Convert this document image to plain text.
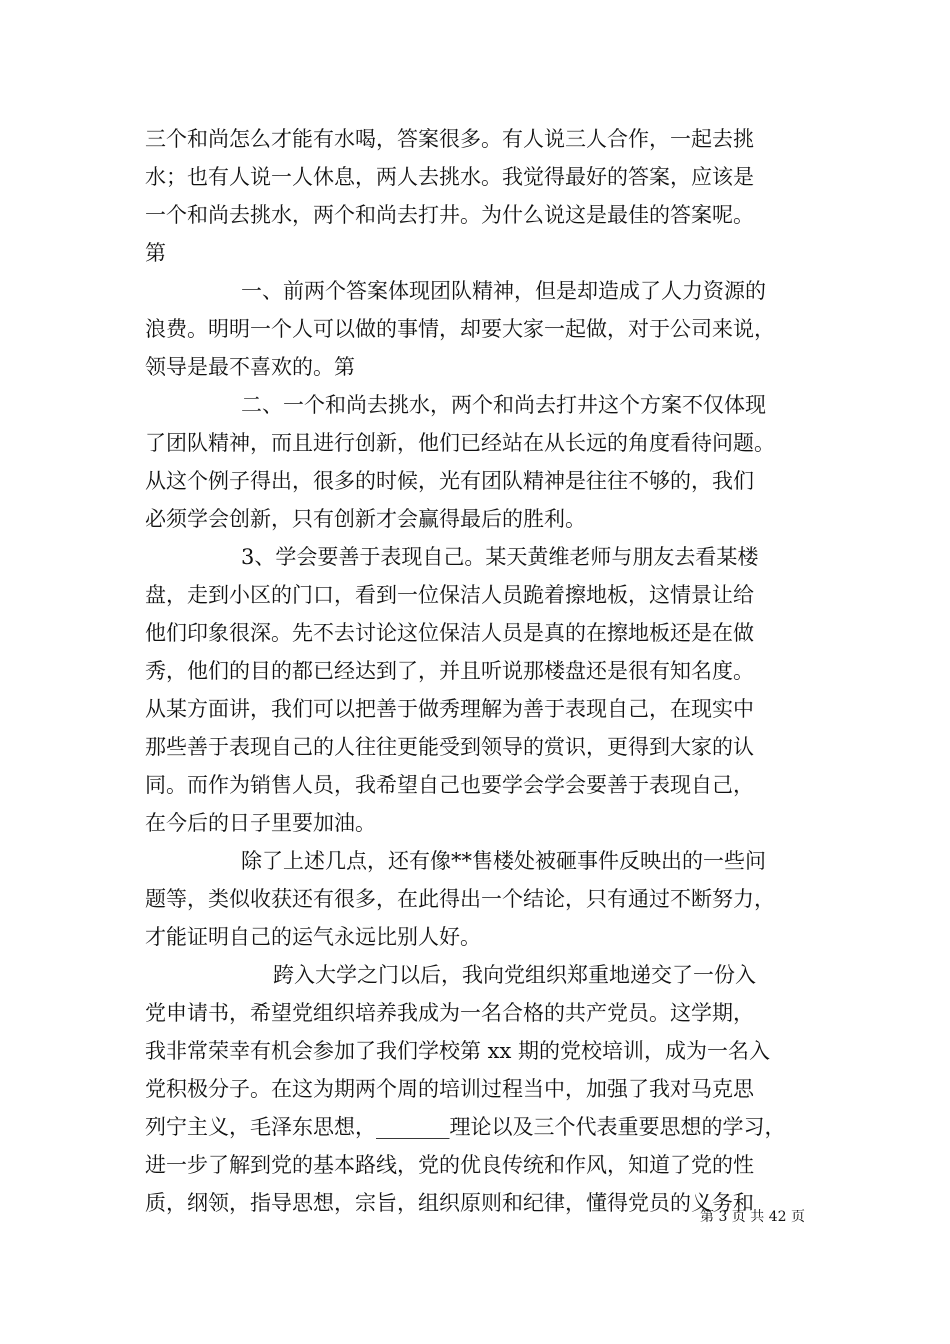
三个和尚怎么才能有水喝，答案很多。有人说三人合作，一起去挑
水；也有人说一人休息，两人去挑水。我觉得最好的答案，应该是
一个和尚去挑水，两个和尚去打井。为什么说这是最佳的答案呢。
第
一、前两个答案体现团队精神，但是却造成了人力资源的
浪费。明明一个人可以做的事情，却要大家一起做，对于公司来说，
领导是最不喜欢的。第
二、一个和尚去挑水，两个和尚去打井这个方案不仅体现
了团队精神，而且进行创新，他们已经站在从长远的角度看待问题。
从这个例子得出，很多的时候，光有团队精神是往往不够的，我们
必须学会创新，只有创新才会赢得最后的胜利。
3、学会要善于表现自己。某天黄维老师与朋友去看某楼
盘，走到小区的门口，看到一位保洁人员跪着擦地板，这情景让给
他们印象很深。先不去讨论这位保洁人员是真的在擦地板还是在做
秀，他们的目的都已经达到了，并且听说那楼盘还是很有知名度。
从某方面讲，我们可以把善于做秀理解为善于表现自己，在现实中
那些善于表现自己的人往往更能受到领导的赏识，更得到大家的认
同。而作为销售人员，我希望自己也要学会学会要善于表现自己，
在今后的日子里要加油。
除了上述几点，还有像**售楼处被砸事件反映出的一些问
题等，类似收获还有很多，在此得出一个结论，只有通过不断努力，
才能证明自己的运气永远比别人好。
跨入大学之门以后，我向党组织郑重地递交了一份入
党申请书，希望党组织培养我成为一名合格的共产党员。这学期，
我非常荣幸有机会参加了我们学校第 xx 期的党校培训，成为一名入
党积极分子。在这为期两个周的培训过程当中，加强了我对马克思
列宁主义，毛泽东思想，_______理论以及三个代表重要思想的学习，
进一步了解到党的基本路线，党的优良传统和作风，知道了党的性
质，纲领，指导思想，宗旨，组织原则和纪律，懂得党员的义务和
第 3 页 共 42 页
